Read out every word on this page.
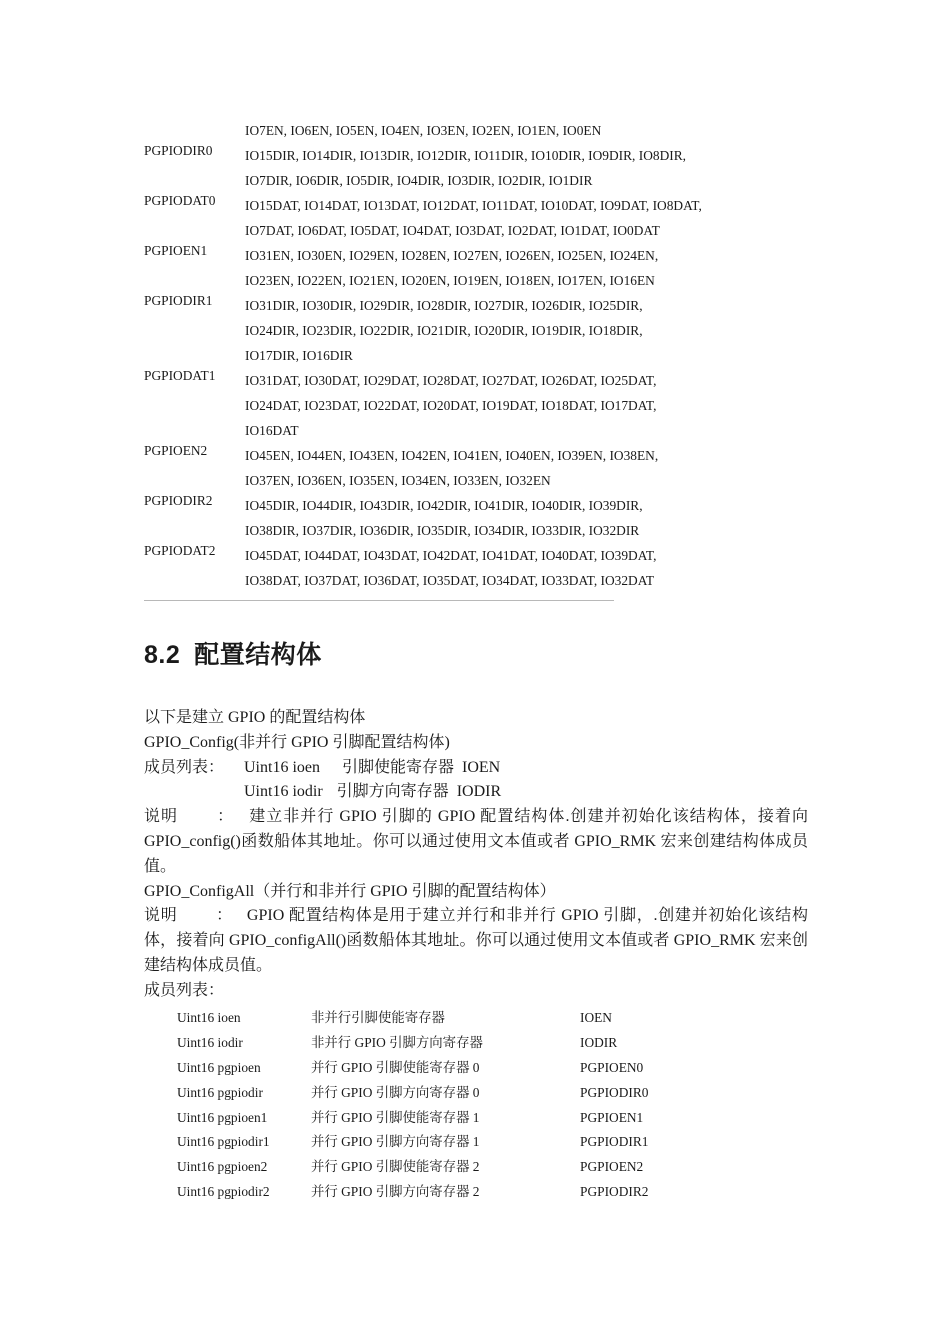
IO7EN, IO6EN, IO5EN, IO4EN, IO3EN, IO2EN, IO1EN, IO0EN
PGPIODIR0 IO15DIR, IO14DIR, IO13DIR, IO12DIR, IO11DIR, IO10DIR, IO9DIR, IO8DIR,
IO7DIR, IO6DIR, IO5DIR, IO4DIR, IO3DIR, IO2DIR, IO1DIR
PGPIODAT0 IO15DAT, IO14DAT, IO13DAT, IO12DAT, IO11DAT, IO10DAT, IO9DAT, IO8DAT,
IO7DAT, IO6DAT, IO5DAT, IO4DAT, IO3DAT, IO2DAT, IO1DAT, IO0DAT
PGPIOEN1	IO31EN, IO30EN, IO29EN, IO28EN, IO27EN, IO26EN, IO25EN, IO24EN,
IO23EN, IO22EN, IO21EN, IO20EN, IO19EN, IO18EN, IO17EN, IO16EN
PGPIODIR1 IO31DIR, IO30DIR, IO29DIR, IO28DIR, IO27DIR, IO26DIR, IO25DIR,
IO24DIR, IO23DIR, IO22DIR, IO21DIR, IO20DIR, IO19DIR, IO18DIR,
IO17DIR, IO16DIR
PGPIODAT1 IO31DAT, IO30DAT, IO29DAT, IO28DAT, IO27DAT, IO26DAT, IO25DAT,
IO24DAT, IO23DAT, IO22DAT, IO20DAT, IO19DAT, IO18DAT, IO17DAT,
IO16DAT
PGPIOEN2	IO45EN, IO44EN, IO43EN, IO42EN, IO41EN, IO40EN, IO39EN, IO38EN,
IO37EN, IO36EN, IO35EN, IO34EN, IO33EN, IO32EN
PGPIODIR2 IO45DIR, IO44DIR, IO43DIR, IO42DIR, IO41DIR, IO40DIR, IO39DIR,
IO38DIR, IO37DIR, IO36DIR, IO35DIR, IO34DIR, IO33DIR, IO32DIR
PGPIODAT2 IO45DAT, IO44DAT, IO43DAT, IO42DAT, IO41DAT, IO40DAT, IO39DAT,
IO38DAT, IO37DAT, IO36DAT, IO35DAT, IO34DAT, IO33DAT, IO32DAT
8.2 配置结构体

以下是建立 GPIO 的配置结构体

GPIO_Config(非并行 GPIO 引脚配置结构体)

成员列表： Uint16 ioen 引脚使能寄存器 IOEN
Uint16 iodir 引脚方向寄存器 IODIR

说明 ： 建立非并行 GPIO 引脚的 GPIO 配置结构体.创建并初始化该结构体，接着向 GPIO_config()函数船体其地址。你可以通过使用文本值或者 GPIO_RMK 宏来创建结构体成员值。

GPIO_ConfigAll（并行和非并行 GPIO 引脚的配置结构体）

说明 ： GPIO 配置结构体是用于建立并行和非并行 GPIO 引脚，.创建并初始化该结构体，接着向 GPIO_configAll()函数船体其地址。你可以通过使用文本值或者 GPIO_RMK 宏来创建结构体成员值。

成员列表：

Uint16 ioen	非并行引脚使能寄存器	IOEN
Uint16 iodir	非并行 GPIO 引脚方向寄存器	IODIR
Uint16 pgpioen	并行 GPIO 引脚使能寄存器 0	PGPIOEN0
Uint16 pgpiodir	并行 GPIO 引脚方向寄存器 0	PGPIODIR0
Uint16 pgpioen1	并行 GPIO 引脚使能寄存器 1	PGPIOEN1
Uint16 pgpiodir1	并行 GPIO 引脚方向寄存器 1	PGPIODIR1
Uint16 pgpioen2	并行 GPIO 引脚使能寄存器 2	PGPIOEN2
Uint16 pgpiodir2	并行 GPIO 引脚方向寄存器 2	PGPIODIR2
